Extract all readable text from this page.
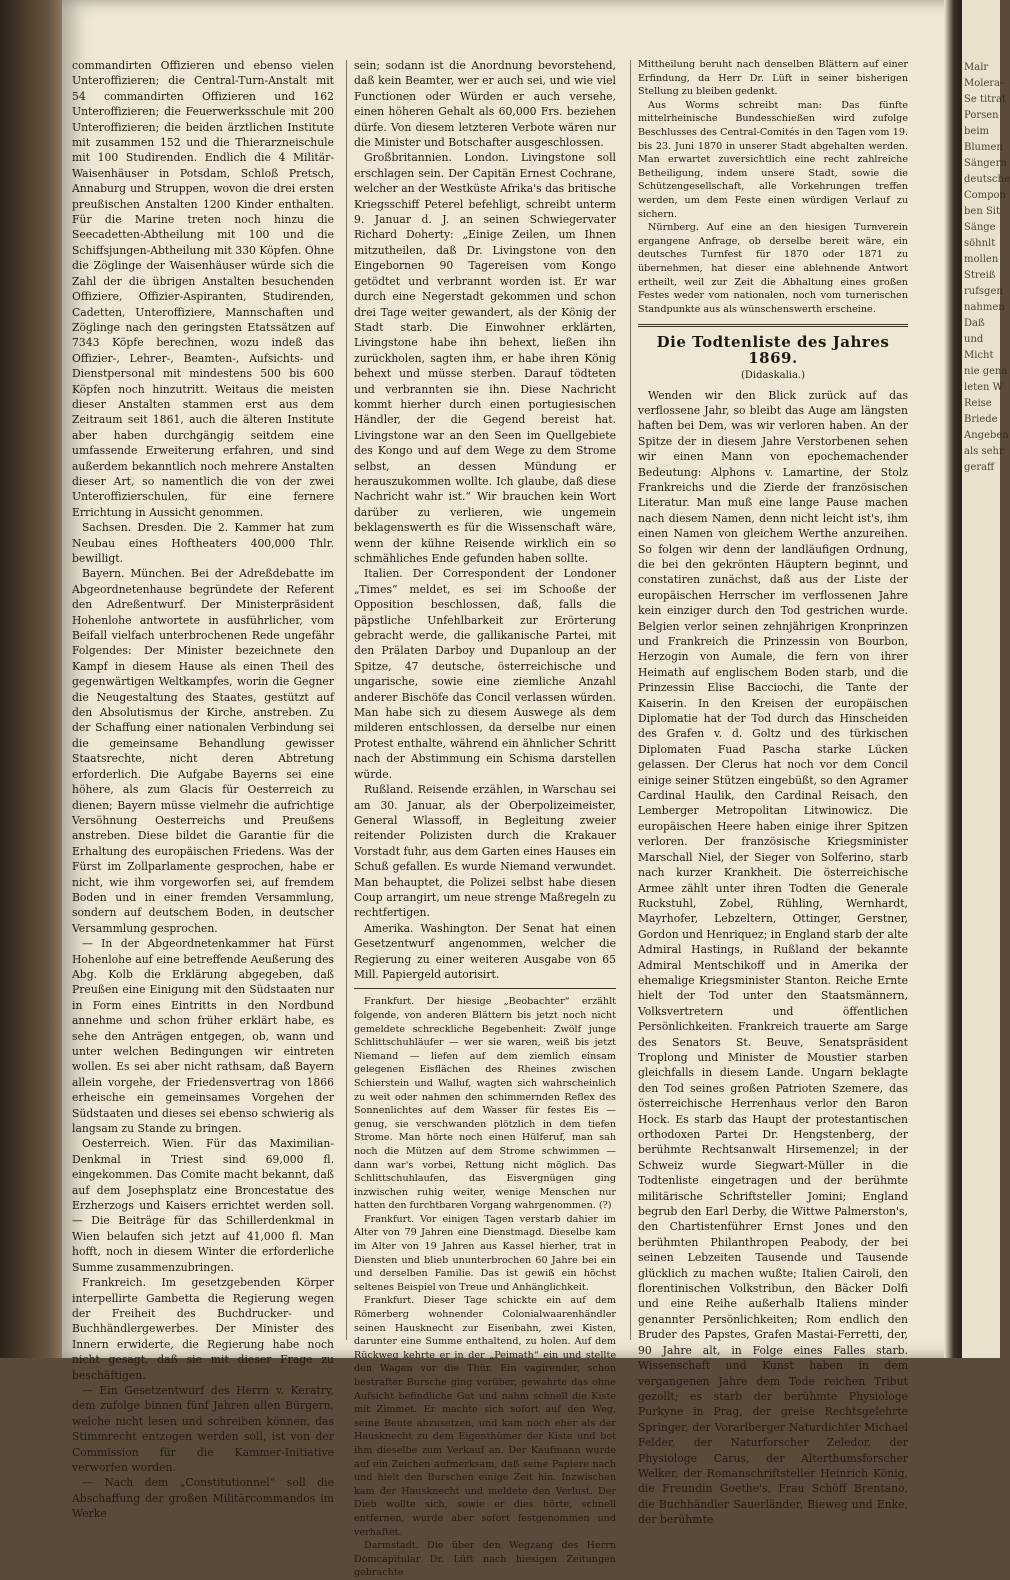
commandirten Offizieren und ebenso vielen Unteroffizieren; die Central-Turn-Anstalt mit 54 commandirten Offizieren und 162 Unteroffizieren; die Feuerwerksschule mit 200 Unteroffizieren; die beiden ärztlichen Institute mit zusammen 152 und die Thierarzneischule mit 100 Studirenden. Endlich die 4 Militär-Waisenhäuser in Potsdam, Schloß Pretsch, Annaburg und Struppen, wovon die drei ersten preußischen Anstalten 1200 Kinder enthalten. Für die Marine treten noch hinzu die Seecadetten-Abtheilung mit 100 und die Schiffsjungen-Abtheilung mit 330 Köpfen. Ohne die Zöglinge der Waisenhäuser würde sich die Zahl der die übrigen Anstalten besuchenden Offiziere, Offizier-Aspiranten, Studirenden, Cadetten, Unteroffiziere, Mannschaften und Zöglinge nach den geringsten Etatssätzen auf 7343 Köpfe berechnen, wozu indeß das Offizier-, Lehrer-, Beamten-, Aufsichts- und Dienstpersonal mit mindestens 500 bis 600 Köpfen noch hinzutritt. Weitaus die meisten dieser Anstalten stammen erst aus dem Zeitraum seit 1861, auch die älteren Institute aber haben durchgängig seitdem eine umfassende Erweiterung erfahren, und sind außerdem bekanntlich noch mehrere Anstalten dieser Art, so namentlich die von der zwei Unteroffizierschulen, für eine fernere Errichtung in Aussicht genommen.

Sachsen. Dresden. Die 2. Kammer hat zum Neubau eines Hoftheaters 400,000 Thlr. bewilligt.

Bayern. München. Bei der Adreßdebatte im Abgeordnetenhause begründete der Referent den Adreßentwurf. Der Ministerpräsident Hohenlohe antwortete in ausführlicher, vom Beifall vielfach unterbrochenen Rede ungefähr Folgendes: Der Minister bezeichnete den Kampf in diesem Hause als einen Theil des gegenwärtigen Weltkampfes, worin die Gegner die Neugestaltung des Staates, gestützt auf den Absolutismus der Kirche, anstreben. Zu der Schaffung einer nationalen Verbindung sei die gemeinsame Behandlung gewisser Staatsrechte, nicht deren Abtretung erforderlich. Die Aufgabe Bayerns sei eine höhere, als zum Glacis für Oesterreich zu dienen; Bayern müsse vielmehr die aufrichtige Versöhnung Oesterreichs und Preußens anstreben. Diese bildet die Garantie für die Erhaltung des europäischen Friedens. Was der Fürst im Zollparlamente gesprochen, habe er nicht, wie ihm vorgeworfen sei, auf fremdem Boden und in einer fremden Versammlung, sondern auf deutschem Boden, in deutscher Versammlung gesprochen.

— In der Abgeordnetenkammer hat Fürst Hohenlohe auf eine betreffende Aeußerung des Abg. Kolb die Erklärung abgegeben, daß Preußen eine Einigung mit den Südstaaten nur in Form eines Eintritts in den Nordbund annehme und schon früher erklärt habe, es sehe den Anträgen entgegen, ob, wann und unter welchen Bedingungen wir eintreten wollen. Es sei aber nicht rathsam, daß Bayern allein vorgehe, der Friedensvertrag von 1866 erheische ein gemeinsames Vorgehen der Südstaaten und dieses sei ebenso schwierig als langsam zu Stande zu bringen.

Oesterreich. Wien. Für das Maximilian-Denkmal in Triest sind 69,000 fl. eingekommen. Das Comite macht bekannt, daß auf dem Josephsplatz eine Broncestatue des Erzherzogs und Kaisers errichtet werden soll. — Die Beiträge für das Schillerdenkmal in Wien belaufen sich jetzt auf 41,000 fl. Man hofft, noch in diesem Winter die erforderliche Summe zusammenzubringen.

Frankreich. Im gesetzgebenden Körper interpellirte Gambetta die Regierung wegen der Freiheit des Buchdrucker- und Buchhändlergewerbes. Der Minister des Innern erwiderte, die Regierung habe noch nicht gesagt, daß sie mit dieser Frage zu beschäftigen.

— Ein Gesetzentwurf des Herrn v. Keratry, dem zufolge binnen fünf Jahren allen Bürgern, welche nicht lesen und schreiben können, das Stimmrecht entzogen werden soll, ist von der Commission für die Kammer-Initiative verworfen worden.

— Nach dem „Constitutionnel“ soll die Abschaffung der großen Militärcommandos im Werke

sein; sodann ist die Anordnung bevorstehend, daß kein Beamter, wer er auch sei, und wie viel Functionen oder Würden er auch versehe, einen höheren Gehalt als 60,000 Frs. beziehen dürfe. Von diesem letzteren Verbote wären nur die Minister und Botschafter ausgeschlossen.

Großbritannien. London. Livingstone soll erschlagen sein. Der Capitän Ernest Cochrane, welcher an der Westküste Afrika's das britische Kriegsschiff Peterel befehligt, schreibt unterm 9. Januar d. J. an seinen Schwiegervater Richard Doherty: „Einige Zeilen, um Ihnen mitzutheilen, daß Dr. Livingstone von den Eingebornen 90 Tagereisen vom Kongo getödtet und verbrannt worden ist. Er war durch eine Negerstadt gekommen und schon drei Tage weiter gewandert, als der König der Stadt starb. Die Einwohner erklärten, Livingstone habe ihn behext, ließen ihn zurückholen, sagten ihm, er habe ihren König behext und müsse sterben. Darauf tödteten und verbrannten sie ihn. Diese Nachricht kommt hierher durch einen portugiesischen Händler, der die Gegend bereist hat. Livingstone war an den Seen im Quellgebiete des Kongo und auf dem Wege zu dem Strome selbst, an dessen Mündung er herauszukommen wollte. Ich glaube, daß diese Nachricht wahr ist.“ Wir brauchen kein Wort darüber zu verlieren, wie ungemein beklagenswerth es für die Wissenschaft wäre, wenn der kühne Reisende wirklich ein so schmähliches Ende gefunden haben sollte.

Italien. Der Correspondent der Londoner „Times“ meldet, es sei im Schooße der Opposition beschlossen, daß, falls die päpstliche Unfehlbarkeit zur Erörterung gebracht werde, die gallikanische Partei, mit den Prälaten Darboy und Dupanloup an der Spitze, 47 deutsche, österreichische und ungarische, sowie eine ziemliche Anzahl anderer Bischöfe das Concil verlassen würden. Man habe sich zu diesem Auswege als dem milderen entschlossen, da derselbe nur einen Protest enthalte, während ein ähnlicher Schritt nach der Abstimmung ein Schisma darstellen würde.

Rußland. Reisende erzählen, in Warschau sei am 30. Januar, als der Oberpolizeimeister, General Wlassoff, in Begleitung zweier reitender Polizisten durch die Krakauer Vorstadt fuhr, aus dem Garten eines Hauses ein Schuß gefallen. Es wurde Niemand verwundet. Man behauptet, die Polizei selbst habe diesen Coup arrangirt, um neue strenge Maßregeln zu rechtfertigen.

Amerika. Washington. Der Senat hat einen Gesetzentwurf angenommen, welcher die Regierung zu einer weiteren Ausgabe von 65 Mill. Papiergeld autorisirt.

Frankfurt. Der hiesige „Beobachter“ erzählt folgende, von anderen Blättern bis jetzt noch nicht gemeldete schreckliche Begebenheit: Zwölf junge Schlittschuhläufer — wer sie waren, weiß bis jetzt Niemand — liefen auf dem ziemlich einsam gelegenen Eisflächen des Rheines zwischen Schierstein und Walluf, wagten sich wahrscheinlich zu weit oder nahmen den schimmernden Reflex des Sonnenlichtes auf dem Wasser für festes Eis — genug, sie verschwanden plötzlich in dem tiefen Strome. Man hörte noch einen Hülferuf, man sah noch die Mützen auf dem Strome schwimmen — dann war's vorbei, Rettung nicht möglich. Das Schlittschuhlaufen, das Eisvergnügen ging inzwischen ruhig weiter, wenige Menschen nur hatten den furchtbaren Vorgang wahrgenommen. (?)

Frankfurt. Vor einigen Tagen verstarb dahier im Alter von 79 Jahren eine Dienstmagd. Dieselbe kam im Alter von 19 Jahren aus Kassel hierher, trat in Diensten und blieb ununterbrochen 60 Jahre bei ein und derselben Familie. Das ist gewiß ein höchst seltenes Beispiel von Treue und Anhänglichkeit.

Frankfurt. Dieser Tage schickte ein auf dem Römerberg wohnender Colonialwaarenhändler seinen Hausknecht zur Eisenbahn, zwei Kisten, darunter eine Summe enthaltend, zu holen. Auf dem Rückweg kehrte er in der „Peimath“ ein und stellte den Wagen vor die Thür. Ein vagirender, schon bestrafter Bursche ging vorüber, gewahrte das ohne Aufsicht befindliche Gut und nahm schnell die Kiste mit Zimmet. Er machte sich sofort auf den Weg, seine Beute abzusetzen, und kam noch eher als der Hausknecht zu dem Eigenthümer der Kiste und bot ihm dieselbe zum Verkauf an. Der Kaufmann wurde auf ein Zeichen aufmerksam, daß seine Papiere nach und hielt den Burschen einige Zeit hin. Inzwischen kam der Hausknecht und meldete den Verlust. Der Dieb wollte sich, sowie er dies hörte, schnell entfernen, wurde aber sofort festgenommen und verhaftet.

Darmstadt. Die über den Wegzang des Herrn Domcapitular Dr. Lüft nach hiesigen Zeitungen gebrachte

Mittheilung beruht nach denselben Blättern auf einer Erfindung, da Herr Dr. Lüft in seiner bisherigen Stellung zu bleiben gedenkt.

Aus Worms schreibt man: Das fünfte mittelrheinische Bundesschießen wird zufolge Beschlusses des Central-Comités in den Tagen vom 19. bis 23. Juni 1870 in unserer Stadt abgehalten werden. Man erwartet zuversichtlich eine recht zahlreiche Betheiligung, indem unsere Stadt, sowie die Schützengesellschaft, alle Vorkehrungen treffen werden, um dem Feste einen würdigen Verlauf zu sichern.

Nürnberg. Auf eine an den hiesigen Turnverein ergangene Anfrage, ob derselbe bereit wäre, ein deutsches Turnfest für 1870 oder 1871 zu übernehmen, hat dieser eine ablehnende Antwort ertheilt, weil zur Zeit die Abhaltung eines großen Festes weder vom nationalen, noch vom turnerischen Standpunkte aus als wünschenswerth erscheine.

Die Todtenliste des Jahres 1869.
(Didaskalia.)

Wenden wir den Blick zurück auf das verflossene Jahr, so bleibt das Auge am längsten haften bei Dem, was wir verloren haben. An der Spitze der in diesem Jahre Verstorbenen sehen wir einen Mann von epochemachender Bedeutung: Alphons v. Lamartine, der Stolz Frankreichs und die Zierde der französischen Literatur. Man muß eine lange Pause machen nach diesem Namen, denn nicht leicht ist's, ihm einen Namen von gleichem Werthe anzureihen. So folgen wir denn der landläufigen Ordnung, die bei den gekrönten Häuptern beginnt, und constatiren zunächst, daß aus der Liste der europäischen Herrscher im verflossenen Jahre kein einziger durch den Tod gestrichen wurde. Belgien verlor seinen zehnjährigen Kronprinzen und Frankreich die Prinzessin von Bourbon, Herzogin von Aumale, die fern von ihrer Heimath auf englischem Boden starb, und die Prinzessin Elise Bacciochi, die Tante der Kaiserin. In den Kreisen der europäischen Diplomatie hat der Tod durch das Hinscheiden des Grafen v. d. Goltz und des türkischen Diplomaten Fuad Pascha starke Lücken gelassen. Der Clerus hat noch vor dem Concil einige seiner Stützen eingebüßt, so den Agramer Cardinal Haulik, den Cardinal Reisach, den Lemberger Metropolitan Litwinowicz. Die europäischen Heere haben einige ihrer Spitzen verloren. Der französische Kriegsminister Marschall Niel, der Sieger von Solferino, starb nach kurzer Krankheit. Die österreichische Armee zählt unter ihren Todten die Generale Ruckstuhl, Zobel, Rühling, Wernhardt, Mayrhofer, Lebzeltern, Ottinger, Gerstner, Gordon und Henriquez; in England starb der alte Admiral Hastings, in Rußland der bekannte Admiral Mentschikoff und in Amerika der ehemalige Kriegsminister Stanton. Reiche Ernte hielt der Tod unter den Staatsmännern, Volksvertretern und öffentlichen Persönlichkeiten. Frankreich trauerte am Sarge des Senators St. Beuve, Senatspräsident Troplong und Minister de Moustier starben gleichfalls in diesem Lande. Ungarn beklagte den Tod seines großen Patrioten Szemere, das österreichische Herrenhaus verlor den Baron Hock. Es starb das Haupt der protestantischen orthodoxen Partei Dr. Hengstenberg, der berühmte Rechtsanwalt Hirsemenzel; in der Schweiz wurde Siegwart-Müller in die Todtenliste eingetragen und der berühmte militärische Schriftsteller Jomini; England begrub den Earl Derby, die Wittwe Palmerston's, den Chartistenführer Ernst Jones und den berühmten Philanthropen Peabody, der bei seinen Lebzeiten Tausende und Tausende glücklich zu machen wußte; Italien Cairoli, den florentinischen Volkstribun, den Bäcker Dolfi und eine Reihe außerhalb Italiens minder genannter Persönlichkeiten; Rom endlich den Bruder des Papstes, Grafen Mastai-Ferretti, der, 90 Jahre alt, in Folge eines Falles starb. Wissenschaft und Kunst haben in dem vergangenen Jahre dem Tode reichen Tribut gezollt; es starb der berühmte Physiologe Purkyne in Prag, der greise Rechtsgelehrte Springer, der Vorarlberger Naturdichter Michael Felder, der Naturforscher Zeledor, der Physiologe Carus, der Alterthumsforscher Welker, der Romanschriftsteller Heinrich König, die Freundin Goethe's, Frau Schöff Brentano, die Buchhändler Sauerländer, Bieweg und Enke, der berühmte

Malr
Molera-
Se titrat
Porsen
beim
Blumen
Sängern
deutsche
Compon
ben Sit
Sänge
söhnlt
mollen
Streiß
rufsgen
nahmen
Daß
und
Micht
nie gena
leten W
Reise
Briede
Angeben
als sehr
geraff
